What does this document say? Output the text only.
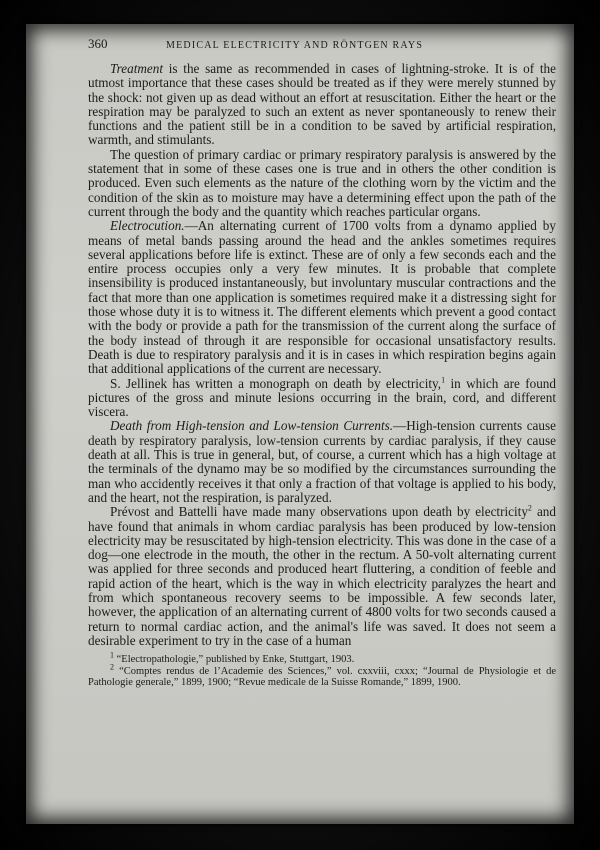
360	MEDICAL ELECTRICITY AND RÖNTGEN RAYS

Treatment is the same as recommended in cases of lightning-stroke. It is of the utmost importance that these cases should be treated as if they were merely stunned by the shock: not given up as dead without an effort at resuscitation. Either the heart or the respiration may be paralyzed to such an extent as never spontaneously to renew their functions and the patient still be in a condition to be saved by artificial respiration, warmth, and stimulants.

The question of primary cardiac or primary respiratory paralysis is answered by the statement that in some of these cases one is true and in others the other condition is produced. Even such elements as the nature of the clothing worn by the victim and the condition of the skin as to moisture may have a determining effect upon the path of the current through the body and the quantity which reaches particular organs.

Electrocution.—An alternating current of 1700 volts from a dynamo applied by means of metal bands passing around the head and the ankles sometimes requires several applications before life is extinct. These are of only a few seconds each and the entire process occupies only a very few minutes. It is probable that complete insensibility is produced instantaneously, but involuntary muscular contractions and the fact that more than one application is sometimes required make it a distressing sight for those whose duty it is to witness it. The different elements which prevent a good contact with the body or provide a path for the transmission of the current along the surface of the body instead of through it are responsible for occasional unsatisfactory results. Death is due to respiratory paralysis and it is in cases in which respiration begins again that additional applications of the current are necessary.

S. Jellinek has written a monograph on death by electricity,$^1$ in which are found pictures of the gross and minute lesions occurring in the brain, cord, and different viscera.

Death from High-tension and Low-tension Currents.—High-tension currents cause death by respiratory paralysis, low-tension currents by cardiac paralysis, if they cause death at all. This is true in general, but, of course, a current which has a high voltage at the terminals of the dynamo may be so modified by the circumstances surrounding the man who accidently receives it that only a fraction of that voltage is applied to his body, and the heart, not the respiration, is paralyzed.

Prévost and Battelli have made many observations upon death by electricity$^2$ and have found that animals in whom cardiac paralysis has been produced by low-tension electricity may be resuscitated by high-tension electricity. This was done in the case of a dog—one electrode in the mouth, the other in the rectum. A 50-volt alternating current was applied for three seconds and produced heart fluttering, a condition of feeble and rapid action of the heart, which is the way in which electricity paralyzes the heart and from which spontaneous recovery seems to be impossible. A few seconds later, however, the application of an alternating current of 4800 volts for two seconds caused a return to normal cardiac action, and the animal's life was saved. It does not seem a desirable experiment to try in the case of a human

$^1$ “Electropathologie,” published by Enke, Stuttgart, 1903.

$^2$ “Comptes rendus de l’Academie des Sciences,” vol. cxxviii, cxxx; “Journal de Physiologie et de Pathologie generale,” 1899, 1900; “Revue medicale de la Suisse Romande,” 1899, 1900.
